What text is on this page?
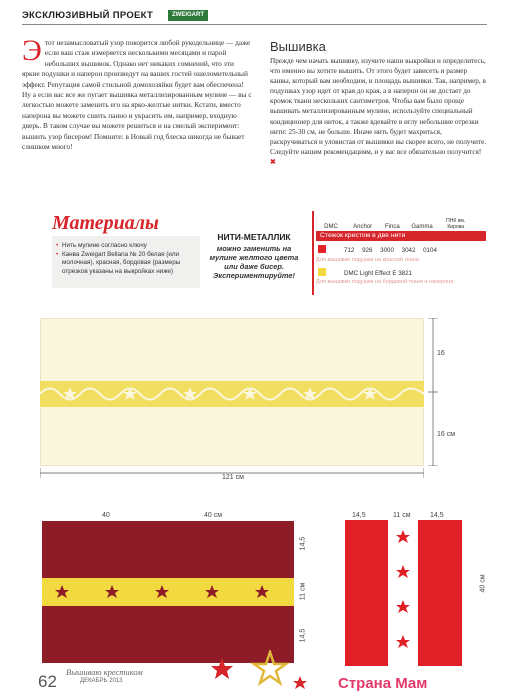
ЭКСКЛЮЗИВНЫЙ ПРОЕКТ	ZWEIGART
Этот незамысловатый узор покорится любой рукодельнице — даже если ваш стаж измеряется несколькими месяцами и парой небольших вышивок. Однако нет никаких сомнений, что эти яркие подушки и наперон произведут на ваших гостей ошеломительный эффект. Репутация самой стильной домохозяйки будет вам обеспечена! Ну а если вас все же пугает вышивка металлизированным мулине — вы с легкостью можете заменить его на ярко-желтые нитки. Кстати, вместо наперона вы можете сшить панно и украсить им, например, входную дверь. В таком случае вы можете решиться и на смелый эксперимент: вышить узор бисером! Помните: в Новый год блеска никогда не бывает слишком много!
Вышивка
Прежде чем начать вышивку, изучите наши выкройки и определитесь, что именно вы хотите вышить. От этого будет зависеть и размер канвы, который вам необходим, и площадь вышивки. Так, например, в подушках узор идет от края до края, а в наперон он не достает до кромок ткани нескольких сантиметров. Чтобы вам было проще вышивать металлизированным мулине, используйте специальный кондиционер для ниток, а также вдевайте в иглу небольшие отрезки нити: 25-30 см, не больше. Иначе нить будет махриться, раскручиваться и уловистая от вышивки вы скорее всего, не получите. Следуйте нашим рекомендациям, и у вас все обязательно получится! ✖
Материалы
• Нить мулине согласно ключу
• Канва Zweigart Bellana № 20 белая (или молочная), красная, бордовая (размеры отрезков указаны на выкройках ниже)
НИТИ-МЕТАЛЛИК
можно заменить на мулине желтого цвета или даже бисер. Экспериментируйте!
DMC	Anchor Finca Gamma ПНК им. Кирова
Стежок крестом в две нити
712 926 3000 3042 0104
Для вышивки подушки на красной ткани
DMC Light Effect E 3821
Для вышивки подушки на бордовой ткани и наперона
121 см
16
16 см
40	40 см
14,5
11 см
14,5
14,5	11 см	14,5
40 см
62 Вышиваю крестиком
ДЕКАБРЬ 2013	Страна Мам
